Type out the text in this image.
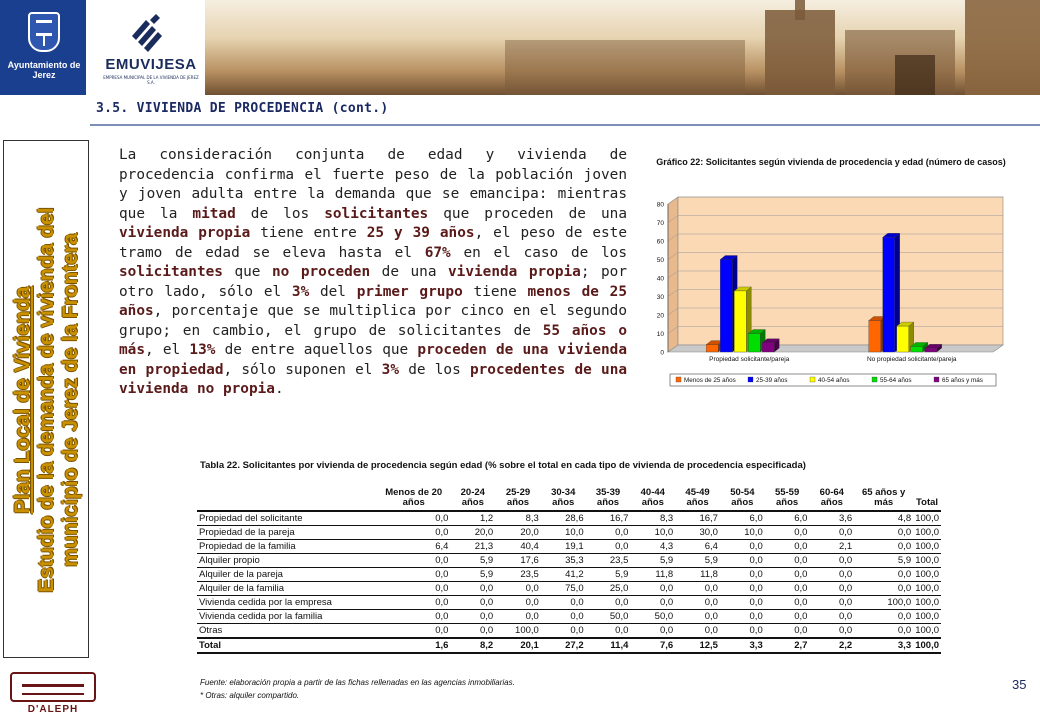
Ayuntamiento de Jerez
EMUVIJESA
EMPRESA MUNICIPAL DE LA VIVIENDA DE JEREZ S.A.
3.5. VIVIENDA DE PROCEDENCIA (cont.)
Plan Local de Vivienda Estudio de la demanda de vivienda del municipio de Jerez de la Frontera
La consideración conjunta de edad y vivienda de procedencia confirma el fuerte peso de la población joven y joven adulta entre la demanda que se emancipa: mientras que la mitad de los solicitantes que proceden de una vivienda propia tiene entre 25 y 39 años, el peso de este tramo de edad se eleva hasta el 67% en el caso de los solicitantes que no proceden de una vivienda propia; por otro lado, sólo el 3% del primer grupo tiene menos de 25 años, porcentaje que se multiplica por cinco en el segundo grupo; en cambio, el grupo de solicitantes de 55 años o más, el 13% de entre aquellos que proceden de una vivienda en propiedad, sólo suponen el 3% de los procedentes de una vivienda no propia.
Gráfico 22: Solicitantes según vivienda de procedencia y edad (número de casos)
0
10
20
30
40
50
60
70
80
Propiedad solicitante/pareja	No propiedad solicitante/pareja
Menos de 25 años	25-39 años	40-54 años	55-64 años	65 años y más
Tabla 22. Solicitantes por vivienda de procedencia según edad (% sobre el total en cada tipo de vivienda de procedencia especificada)
	Menos de 20 años	20-24 años	25-29 años	30-34 años	35-39 años	40-44 años	45-49 años	50-54 años	55-59 años	60-64 años	65 años y más	Total
Propiedad del solicitante	0,0	1,2	8,3	28,6	16,7	8,3	16,7	6,0	6,0	3,6	4,8	100,0
Propiedad de la pareja	0,0	20,0	20,0	10,0	0,0	10,0	30,0	10,0	0,0	0,0	0,0	100,0
Propiedad de la familia	6,4	21,3	40,4	19,1	0,0	4,3	6,4	0,0	0,0	2,1	0,0	100,0
Alquiler propio	0,0	5,9	17,6	35,3	23,5	5,9	5,9	0,0	0,0	0,0	5,9	100,0
Alquiler de la pareja	0,0	5,9	23,5	41,2	5,9	11,8	11,8	0,0	0,0	0,0	0,0	100,0
Alquiler de la familia	0,0	0,0	0,0	75,0	25,0	0,0	0,0	0,0	0,0	0,0	0,0	100,0
Vivienda cedida por la empresa	0,0	0,0	0,0	0,0	0,0	0,0	0,0	0,0	0,0	0,0	100,0	100,0
Vivienda cedida por la familia	0,0	0,0	0,0	0,0	50,0	50,0	0,0	0,0	0,0	0,0	0,0	100,0
Otras	0,0	0,0	100,0	0,0	0,0	0,0	0,0	0,0	0,0	0,0	0,0	100,0
Total	1,6	8,2	20,1	27,2	11,4	7,6	12,5	3,3	2,7	2,2	3,3	100,0
Fuente: elaboración propia a partir de las fichas rellenadas en las agencias inmobiliarias.
* Otras: alquiler compartido.
D'ALEPH
35
